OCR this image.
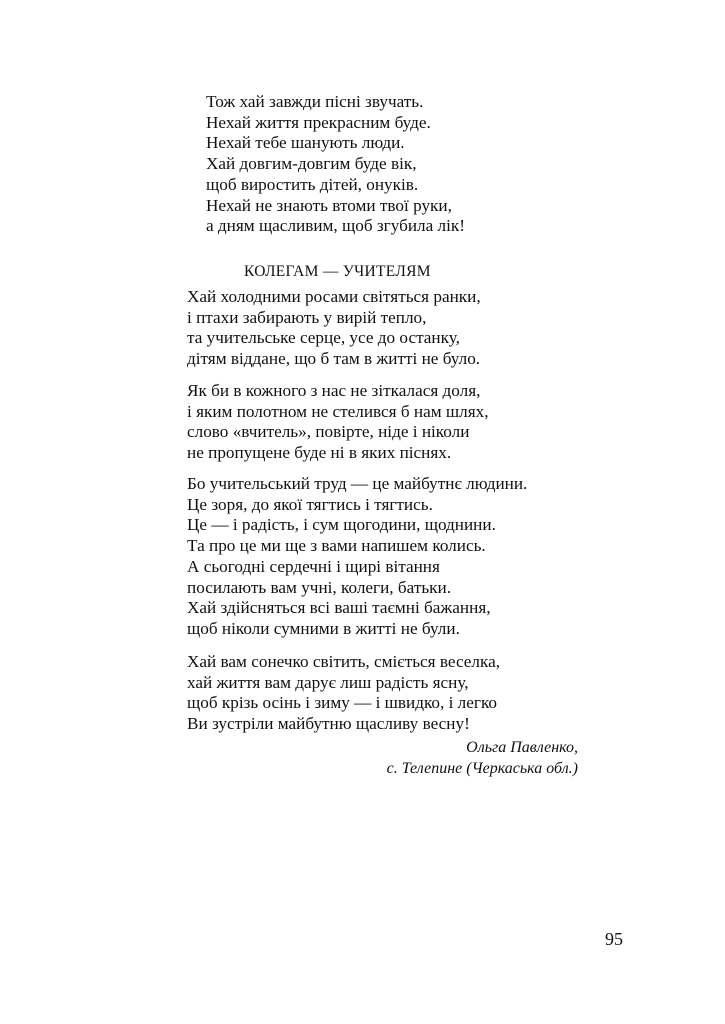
Тож хай завжди пісні звучать.

Нехай життя прекрасним буде.

Нехай тебе шанують люди.

Хай довгим-довгим буде вік,

щоб виростить дітей, онуків.

Нехай не знають втоми твої руки,

а дням щасливим, щоб згубила лік!

КОЛЕГАМ — УЧИТЕЛЯМ

Хай холодними росами світяться ранки,

і птахи забирають у вирій тепло,

та учительське серце, усе до останку,

дітям віддане, що б там в житті не було.

Як би в кожного з нас не зіткалася доля,

і яким полотном не стелився б нам шлях,

слово «вчитель», повірте, ніде і ніколи

не пропущене буде ні в яких піснях.

Бо учительський труд — це майбутнє людини.

Це зоря, до якої тягтись і тягтись.

Це — і радість, і сум щогодини, щоднини.

Та про це ми ще з вами напишем колись.

А сьогодні сердечні і щирі вітання

посилають вам учні, колеги, батьки.

Хай здійсняться всі ваші таємні бажання,

щоб ніколи сумними в житті не були.

Хай вам сонечко світить, сміється веселка,

хай життя вам дарує лиш радість ясну,

щоб крізь осінь і зиму — і швидко, і легко

Ви зустріли майбутню щасливу весну!

Ольга Павленко,
с. Телепине (Черкаська обл.)
95
